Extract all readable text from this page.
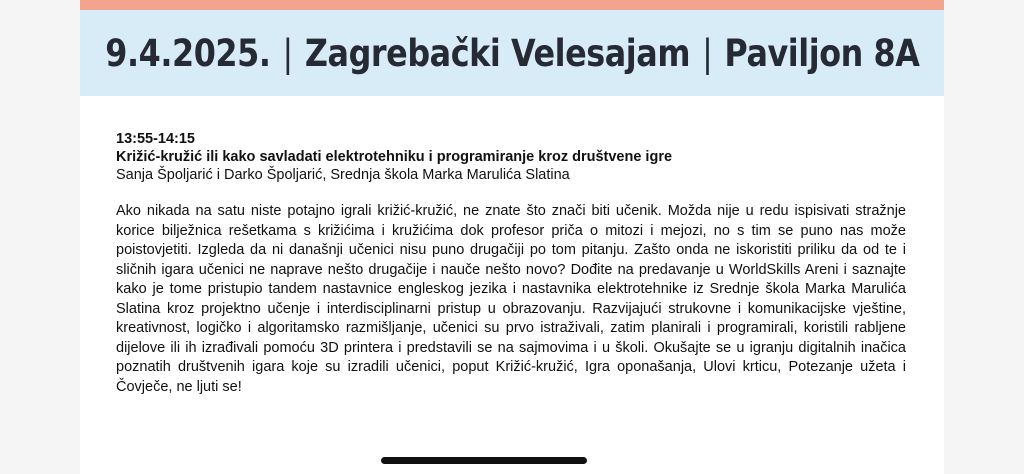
9.4.2025. | Zagrebački Velesajam | Paviljon 8A
13:55-14:15
Križić-kružić ili kako savladati elektrotehniku i programiranje kroz društvene igre
Sanja Špoljarić i Darko Špoljarić, Srednja škola Marka Marulića Slatina
Ako nikada na satu niste potajno igrali križić-kružić, ne znate što znači biti učenik. Možda nije u redu ispisivati stražnje korice bilježnica rešetkama s križićima i kružićima dok profesor priča o mitozi i mejozi, no s tim se puno nas može poistovjetiti. Izgleda da ni današnji učenici nisu puno drugačiji po tom pitanju. Zašto onda ne iskoristiti priliku da od te i sličnih igara učenici ne naprave nešto drugačije i nauče nešto novo? Dođite na predavanje u WorldSkills Areni i saznajte kako je tome pristupio tandem nastavnice engleskog jezika i nastavnika elektrotehnike iz Srednje škola Marka Marulića Slatina kroz projektno učenje i interdisciplinarni pristup u obrazovanju. Razvijajući strukovne i komunikacijske vještine, kreativnost, logičko i algoritamsko razmišljanje, učenici su prvo istraživali, zatim planirali i programirali, koristili rabljene dijelove ili ih izrađivali pomoću 3D printera i predstavili se na sajmovima i u školi. Okušajte se u igranju digitalnih inačica poznatih društvenih igara koje su izradili učenici, poput Križić-kružić, Igra oponašanja, Ulovi krticu, Potezanje užeta i Čovječe, ne ljuti se!
